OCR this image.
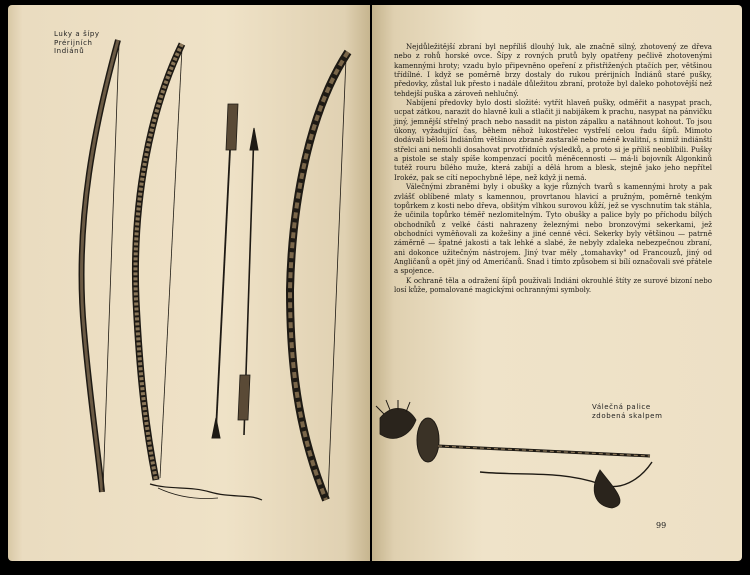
Luky a šípy Prérijních Indiánů	Nejdůležitější zbraní byl nepříliš dlouhý luk, ale značně silný, zhotovený ze dřeva nebo z rohů horské ovce. Šípy z rovných prutů byly opatřeny pečlivě zhotovenými kamennými hroty; vzadu bylo připevněno opeření z přistřižených ptačích per, většinou třídílné. I když se poměrně brzy dostaly do rukou prérijních Indiánů staré pušky, předovky, zůstal luk přesto i nadále důležitou zbraní, protože byl daleko pohotovější než tehdejší puška a zároveň nehlučný.

Nabíjení předovky bylo dosti složité: vytřít hlaveň pušky, odměřit a nasypat prach, ucpat zátkou, narazit do hlavně kuli a stlačit ji nabijákem k prachu, nasypat na pánvičku jiný, jemnější střelný prach nebo nasadit na piston zápalku a natáhnout kohout. To jsou úkony, vyžadující čas, během něhož lukostřelec vystřelí celou řadu šípů. Mimoto dodávali běloši Indiánům většinou zbraně zastaralé nebo méně kvalitní, s nimiž indiánští střelci ani nemohli dosahovat prvotřídních výsledků, a proto si je příliš neoblíbili. Pušky a pistole se staly spíše kompenzací pocitů méněcennosti — má-li bojovník Algonkinů tutéž rouru bílého muže, která zabíjí a dělá hrom a blesk, stejně jako jeho nepřítel Irokéz, pak se cítí nepochybně lépe, než když ji nemá.

Válečnými zbraněmi byly i obušky a kyje různých tvarů s kamennými hroty a pak zvlášť oblíbené mlaty s kamennou, provrtanou hlavicí a pružným, poměrně tenkým topůrkem z kosti nebo dřeva, obšitým vlhkou surovou kůží, jež se vyschnutím tak stáhla, že učinila topůrko téměř nezlomitelným. Tyto obušky a palice byly po příchodu bílých obchodníků z velké části nahrazeny železnými nebo bronzovými sekerkami, jež obchodníci vyměňovali za kožešiny a jiné cenné věci. Sekerky byly většinou — patrně záměrně — špatné jakosti a tak lehké a slabé, že nebyly zdaleka nebezpečnou zbraní, ani dokonce užitečným nástrojem. Jiný tvar měly „tomahavky" od Francouzů, jiný od Angličanů a opět jiný od Američanů. Snad i tímto způsobem si bílí označovali své přátele a spojence.

K ochraně těla a odražení šípů používali Indiáni okrouhlé štíty ze surové bizoní nebo losí kůže, pomalované magickými ochrannými symboly.

Válečná palice zdobená skalpem
99
